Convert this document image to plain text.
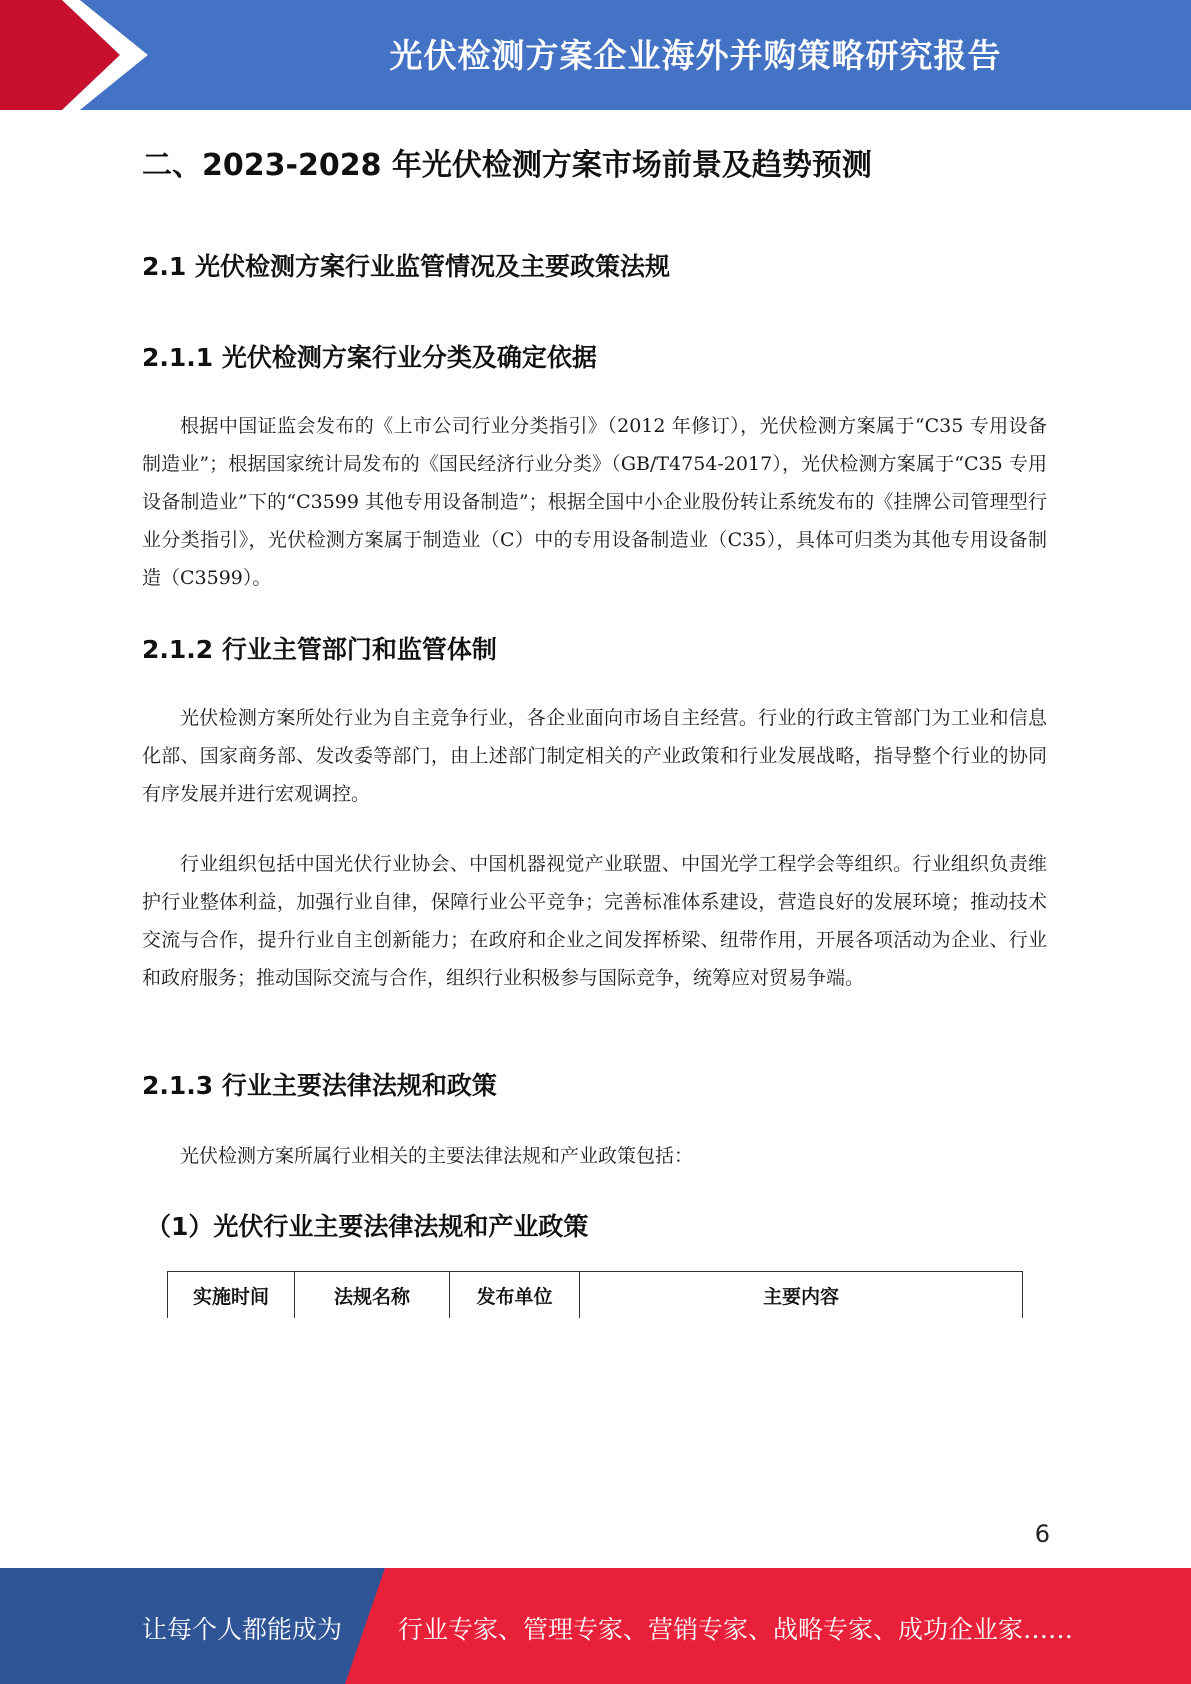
光伏检测方案企业海外并购策略研究报告
二、2023-2028 年光伏检测方案市场前景及趋势预测
2.1 光伏检测方案行业监管情况及主要政策法规
2.1.1 光伏检测方案行业分类及确定依据
根据中国证监会发布的《上市公司行业分类指引》（2012 年修订），光伏检测方案属于“C35 专用设备制造业”；根据国家统计局发布的《国民经济行业分类》（GB/T4754-2017），光伏检测方案属于“C35 专用设备制造业”下的“C3599 其他专用设备制造”；根据全国中小企业股份转让系统发布的《挂牌公司管理型行业分类指引》，光伏检测方案属于制造业（C）中的专用设备制造业（C35），具体可归类为其他专用设备制造（C3599）。
2.1.2 行业主管部门和监管体制
光伏检测方案所处行业为自主竞争行业，各企业面向市场自主经营。行业的行政主管部门为工业和信息化部、国家商务部、发改委等部门，由上述部门制定相关的产业政策和行业发展战略，指导整个行业的协同有序发展并进行宏观调控。
行业组织包括中国光伏行业协会、中国机器视觉产业联盟、中国光学工程学会等组织。行业组织负责维护行业整体利益，加强行业自律，保障行业公平竞争；完善标准体系建设，营造良好的发展环境；推动技术交流与合作，提升行业自主创新能力；在政府和企业之间发挥桥梁、纽带作用，开展各项活动为企业、行业和政府服务；推动国际交流与合作，组织行业积极参与国际竞争，统筹应对贸易争端。
2.1.3 行业主要法律法规和政策
光伏检测方案所属行业相关的主要法律法规和产业政策包括：
（1）光伏行业主要法律法规和产业政策
实施时间	法规名称	发布单位	主要内容
6
让每个人都能成为 行业专家、管理专家、营销专家、战略专家、成功企业家……
